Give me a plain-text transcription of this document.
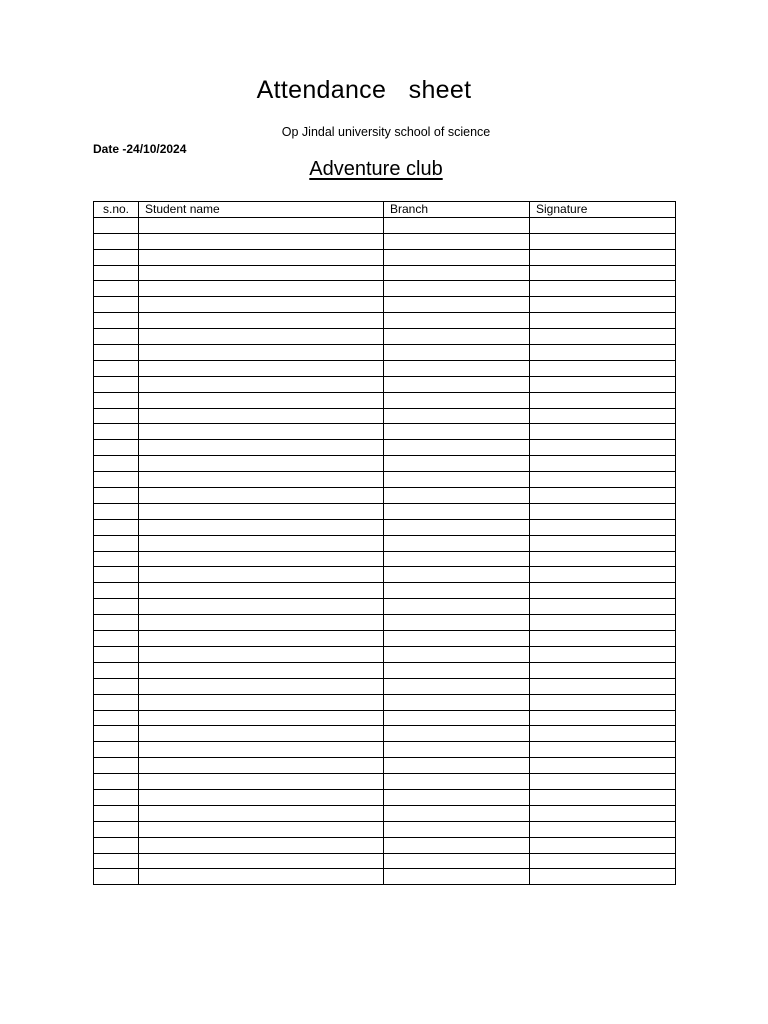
Attendance  sheet
Op Jindal university school of science
Date -24/10/2024
Adventure club
s.no.	Student name	Branch	Signature
